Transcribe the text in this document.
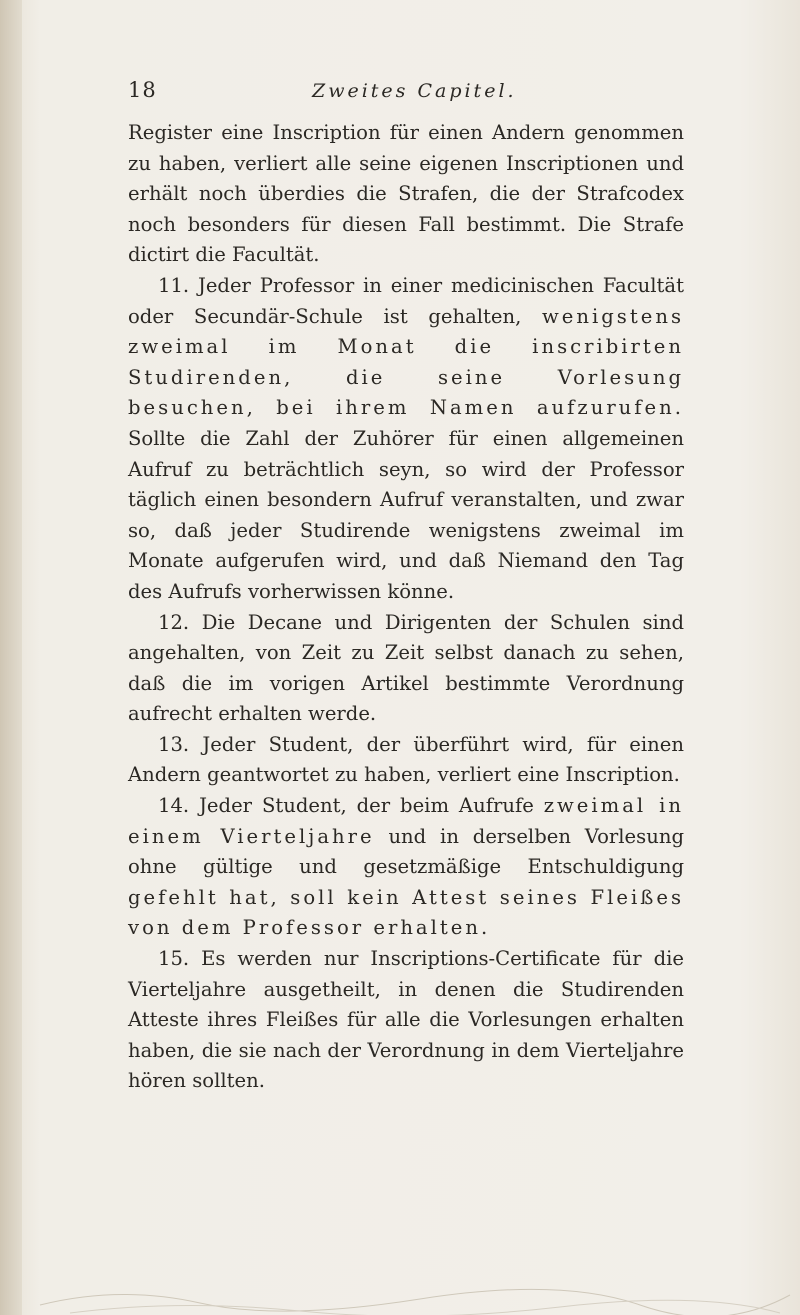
18	Zweites Capitel.

Register eine Inscription für einen Andern genommen zu haben, verliert alle seine eigenen Inscriptionen und erhält noch überdies die Strafen, die der Strafcodex noch besonders für diesen Fall bestimmt. Die Strafe dictirt die Facultät.

11. Jeder Professor in einer medicinischen Facultät oder Secundär-Schule ist gehalten, wenigstens zweimal im Monat die inscribirten Studirenden, die seine Vorlesung besuchen, bei ihrem Namen aufzurufen. Sollte die Zahl der Zuhörer für einen allgemeinen Aufruf zu beträchtlich seyn, so wird der Professor täglich einen besondern Aufruf veranstalten, und zwar so, daß jeder Studirende wenigstens zweimal im Monate aufgerufen wird, und daß Niemand den Tag des Aufrufs vorherwissen könne.

12. Die Decane und Dirigenten der Schulen sind angehalten, von Zeit zu Zeit selbst danach zu sehen, daß die im vorigen Artikel bestimmte Verordnung aufrecht erhalten werde.

13. Jeder Student, der überführt wird, für einen Andern geantwortet zu haben, verliert eine Inscription.

14. Jeder Student, der beim Aufrufe zweimal in einem Vierteljahre und in derselben Vorlesung ohne gültige und gesetzmäßige Entschuldigung gefehlt hat, soll kein Attest seines Fleißes von dem Professor erhalten.

15. Es werden nur Inscriptions-Certificate für die Vierteljahre ausgetheilt, in denen die Studirenden Atteste ihres Fleißes für alle die Vorlesungen erhalten haben, die sie nach der Verordnung in dem Vierteljahre hören sollten.
